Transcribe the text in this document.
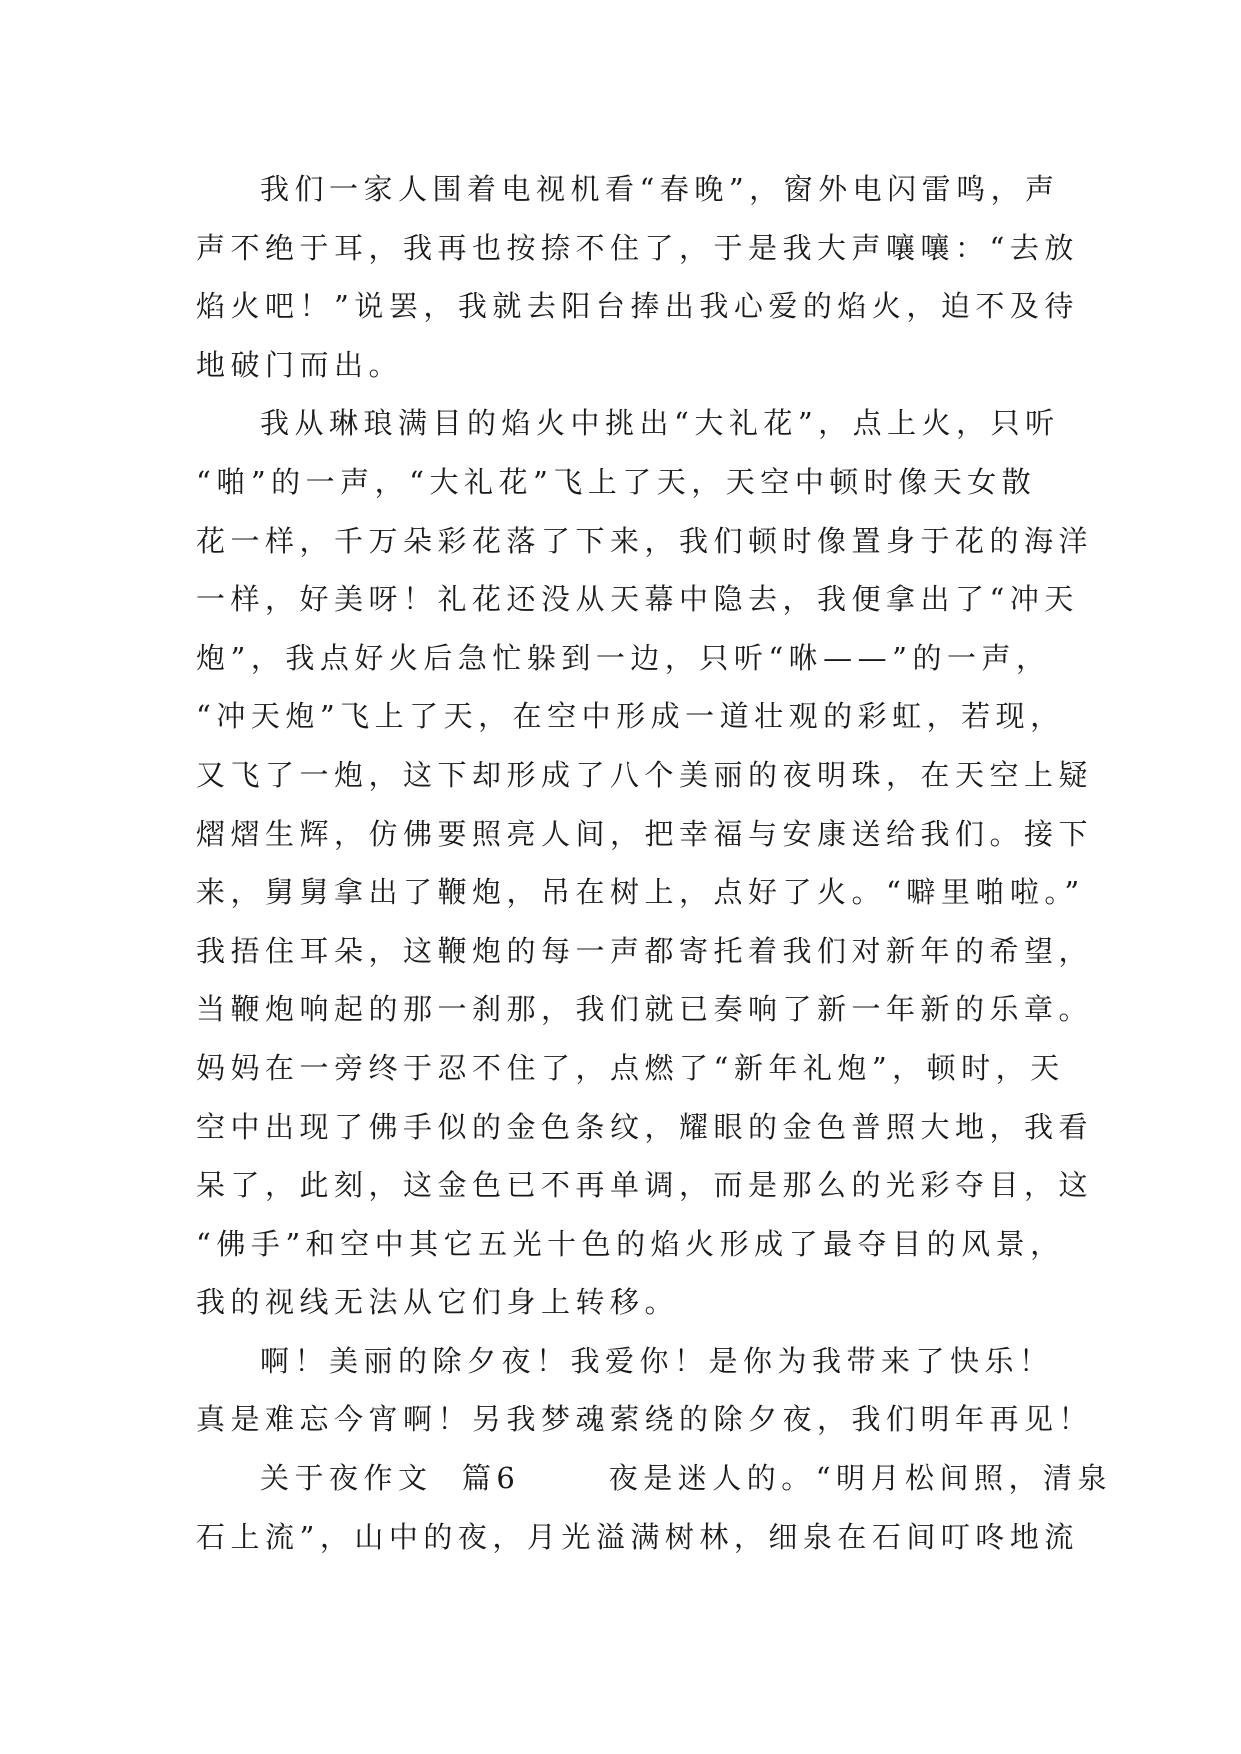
我们一家人围着电视机看“春晚”，窗外电闪雷鸣，声
声不绝于耳，我再也按捺不住了，于是我大声嚷嚷：“去放
焰火吧！”说罢，我就去阳台捧出我心爱的焰火，迫不及待
地破门而出。
我从琳琅满目的焰火中挑出“大礼花”，点上火，只听
“啪”的一声，“大礼花”飞上了天，天空中顿时像天女散
花一样，千万朵彩花落了下来，我们顿时像置身于花的海洋
一样，好美呀！礼花还没从天幕中隐去，我便拿出了“冲天
炮”，我点好火后急忙躲到一边，只听“咻——”的一声，
“冲天炮”飞上了天，在空中形成一道壮观的彩虹，若现，
又飞了一炮，这下却形成了八个美丽的夜明珠，在天空上疑
熠熠生辉，仿佛要照亮人间，把幸福与安康送给我们。接下
来，舅舅拿出了鞭炮，吊在树上，点好了火。“噼里啪啦。”
我捂住耳朵，这鞭炮的每一声都寄托着我们对新年的希望，
当鞭炮响起的那一刹那，我们就已奏响了新一年新的乐章。
妈妈在一旁终于忍不住了，点燃了“新年礼炮”，顿时，天
空中出现了佛手似的金色条纹，耀眼的金色普照大地，我看
呆了，此刻，这金色已不再单调，而是那么的光彩夺目，这
“佛手”和空中其它五光十色的焰火形成了最夺目的风景，
我的视线无法从它们身上转移。
啊！美丽的除夕夜！我爱你！是你为我带来了快乐！
真是难忘今宵啊！另我梦魂萦绕的除夕夜，我们明年再见！
关于夜作文  篇6      夜是迷人的。“明月松间照，清泉
石上流”，山中的夜，月光溢满树林，细泉在石间叮咚地流
